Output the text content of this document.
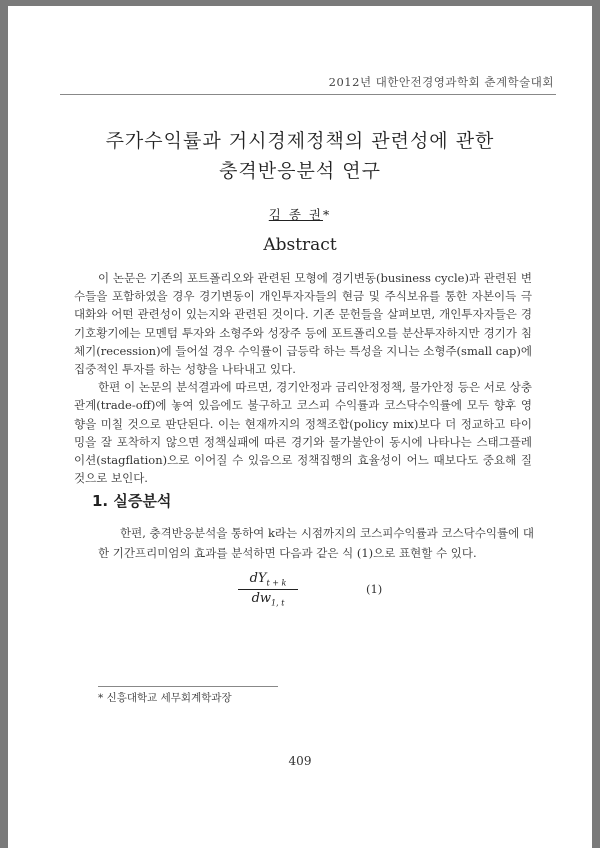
2012년 대한안전경영과학회 춘계학술대회
주가수익률과 거시경제정책의 관련성에 관한
충격반응분석 연구
김 종 권*
Abstract

이 논문은 기존의 포트폴리오와 관련된 모형에 경기변동(business cycle)과 관련된 변수들을 포함하였을 경우 경기변동이 개인투자자들의 현금 및 주식보유를 통한 자본이득 극대화와 어떤 관련성이 있는지와 관련된 것이다. 기존 문헌들을 살펴보면, 개인투자자들은 경기호황기에는 모멘텀 투자와 소형주와 성장주 등에 포트폴리오를 분산투자하지만 경기가 침체기(recession)에 들어설 경우 수익률이 급등락 하는 특성을 지니는 소형주(small cap)에 집중적인 투자를 하는 성향을 나타내고 있다.

한편 이 논문의 분석결과에 따르면, 경기안정과 금리안정정책, 물가안정 등은 서로 상충관계(trade-off)에 놓여 있음에도 불구하고 코스피 수익률과 코스닥수익률에 모두 향후 영향을 미칠 것으로 판단된다. 이는 현재까지의 정책조합(policy mix)보다 더 정교하고 타이밍을 잘 포착하지 않으면 정책실패에 따른 경기와 물가불안이 동시에 나타나는 스태그플레이션(stagflation)으로 이어질 수 있음으로 정책집행의 효율성이 어느 때보다도 중요해 질 것으로 보인다.

1. 실증분석

한편, 충격반응분석을 통하여 k라는 시점까지의 코스피수익률과 코스닥수익률에 대한 기간프리미엄의 효과를 분석하면 다음과 같은 식 (1)으로 표현할 수 있다.

$dY_{t + k}$
$dw_{1, t}$
(1)
* 신흥대학교 세무회계학과장
409
